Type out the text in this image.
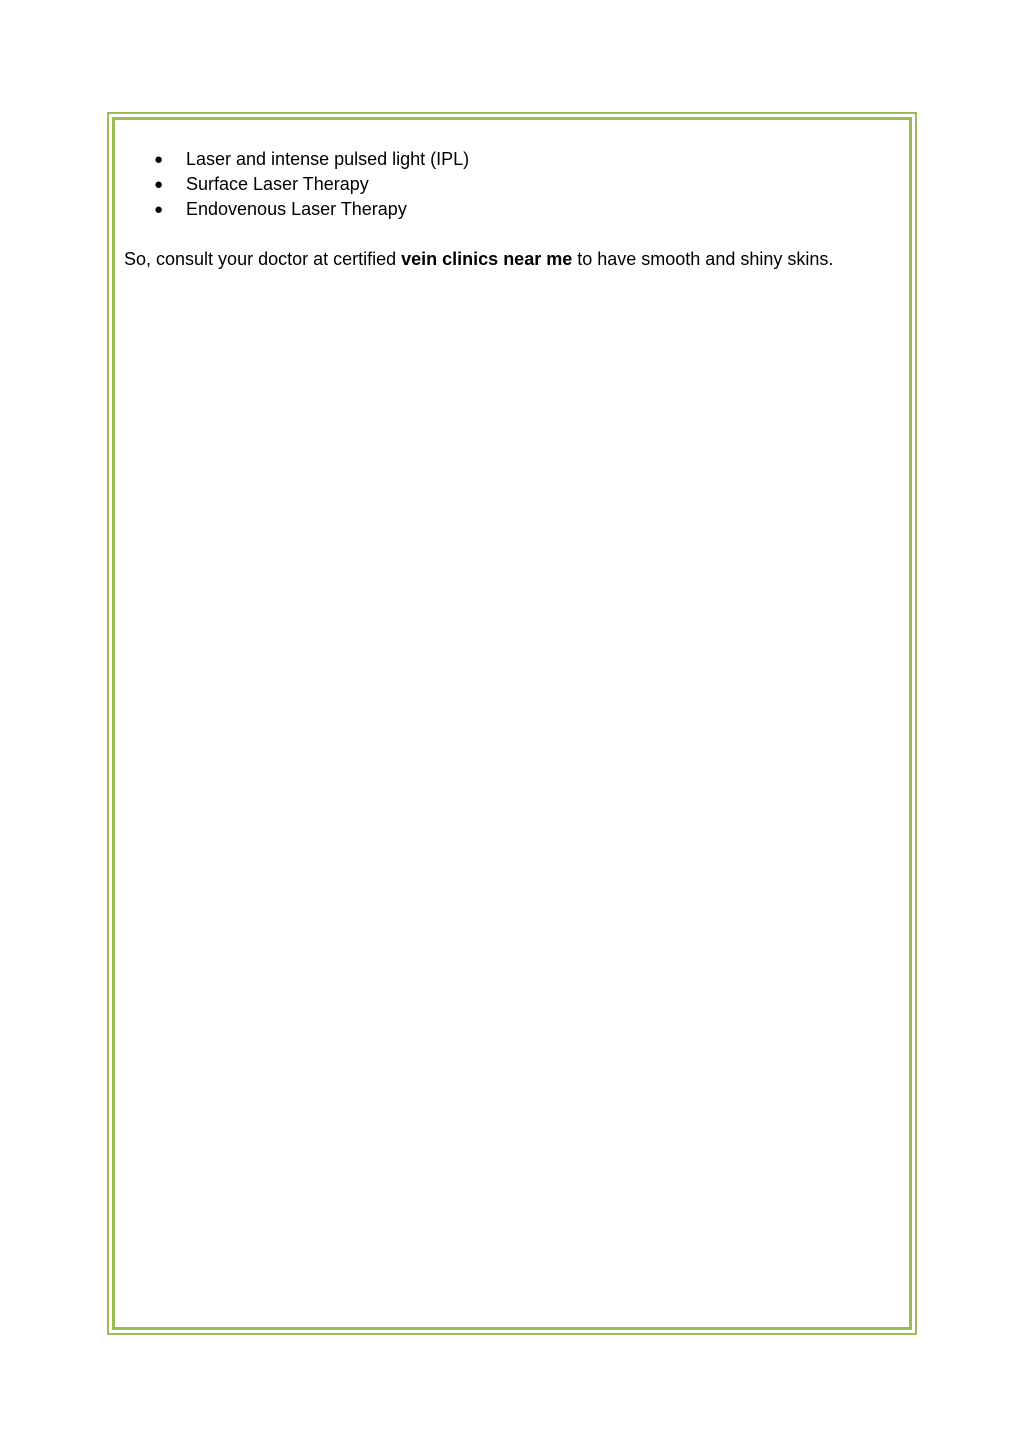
● Laser and intense pulsed light (IPL)
● Surface Laser Therapy
● Endovenous Laser Therapy

So, consult your doctor at certified vein clinics near me to have smooth and shiny skins.
